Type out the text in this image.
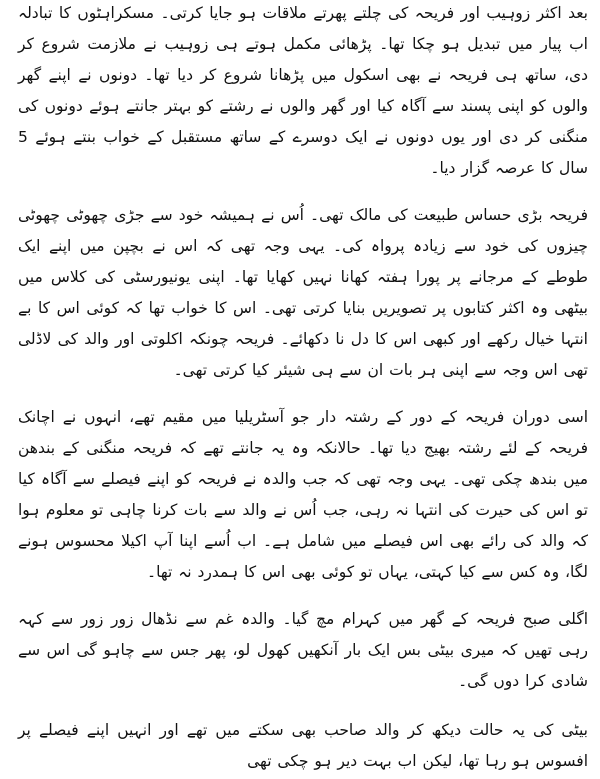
بعد اکثر زوہیب اور فریحہ کی چلتے پھرتے ملاقات ہو جایا کرتی۔ مسکراہٹوں کا تبادلہ اب پیار میں تبدیل ہو چکا تھا۔ پڑھائی مکمل ہوتے ہی زوہیب نے ملازمت شروع کر دی، ساتھ ہی فریحہ نے بھی اسکول میں پڑھانا شروع کر دیا تھا۔ دونوں نے اپنے گھر والوں کو اپنی پسند سے آگاہ کیا اور گھر والوں نے رشتے کو بہتر جانتے ہوئے دونوں کی منگنی کر دی اور یوں دونوں نے ایک دوسرے کے ساتھ مستقبل کے خواب بنتے ہوئے 5 سال کا عرصہ گزار دیا۔

فریحہ بڑی حساس طبیعت کی مالک تھی۔ اُس نے ہمیشہ خود سے جڑی چھوٹی چھوٹی چیزوں کی خود سے زیادہ پرواہ کی۔ یہی وجہ تھی کہ اس نے بچپن میں اپنے ایک طوطے کے مرجانے پر پورا ہفتہ کھانا نہیں کھایا تھا۔ اپنی یونیورسٹی کی کلاس میں بیٹھی وہ اکثر کتابوں پر تصویریں بنایا کرتی تھی۔ اس کا خواب تھا کہ کوئی اس کا بے انتہا خیال رکھے اور کبھی اس کا دل نا دکھائے۔ فریحہ چونکہ اکلوتی اور والد کی لاڈلی تھی اس وجہ سے اپنی ہر بات ان سے ہی شیئر کیا کرتی تھی۔

اسی دوران فریحہ کے دور کے رشتہ دار جو آسٹریلیا میں مقیم تھے، انہوں نے اچانک فریحہ کے لئے رشتہ بھیج دیا تھا۔ حالانکہ وہ یہ جانتے تھے کہ فریحہ منگنی کے بندھن میں بندھ چکی تھی۔ یہی وجہ تھی کہ جب والدہ نے فریحہ کو اپنے فیصلے سے آگاہ کیا تو اس کی حیرت کی انتہا نہ رہی، جب اُس نے والد سے بات کرنا چاہی تو معلوم ہوا کہ والد کی رائے بھی اس فیصلے میں شامل ہے۔ اب اُسے اپنا آپ اکیلا محسوس ہونے لگا، وہ کس سے کیا کہتی، یہاں تو کوئی بھی اس کا ہمدرد نہ تھا۔

اگلی صبح فریحہ کے گھر میں کہرام مچ گیا۔ والدہ غم سے نڈھال زور زور سے کہہ رہی تھیں کہ میری بیٹی بس ایک بار آنکھیں کھول لو، پھر جس سے چاہو گی اس سے شادی کرا دوں گی۔

بیٹی کی یہ حالت دیکھ کر والد صاحب بھی سکتے میں تھے اور انہیں اپنے فیصلے پر افسوس ہو رہا تھا، لیکن اب بہت دیر ہو چکی تھی
